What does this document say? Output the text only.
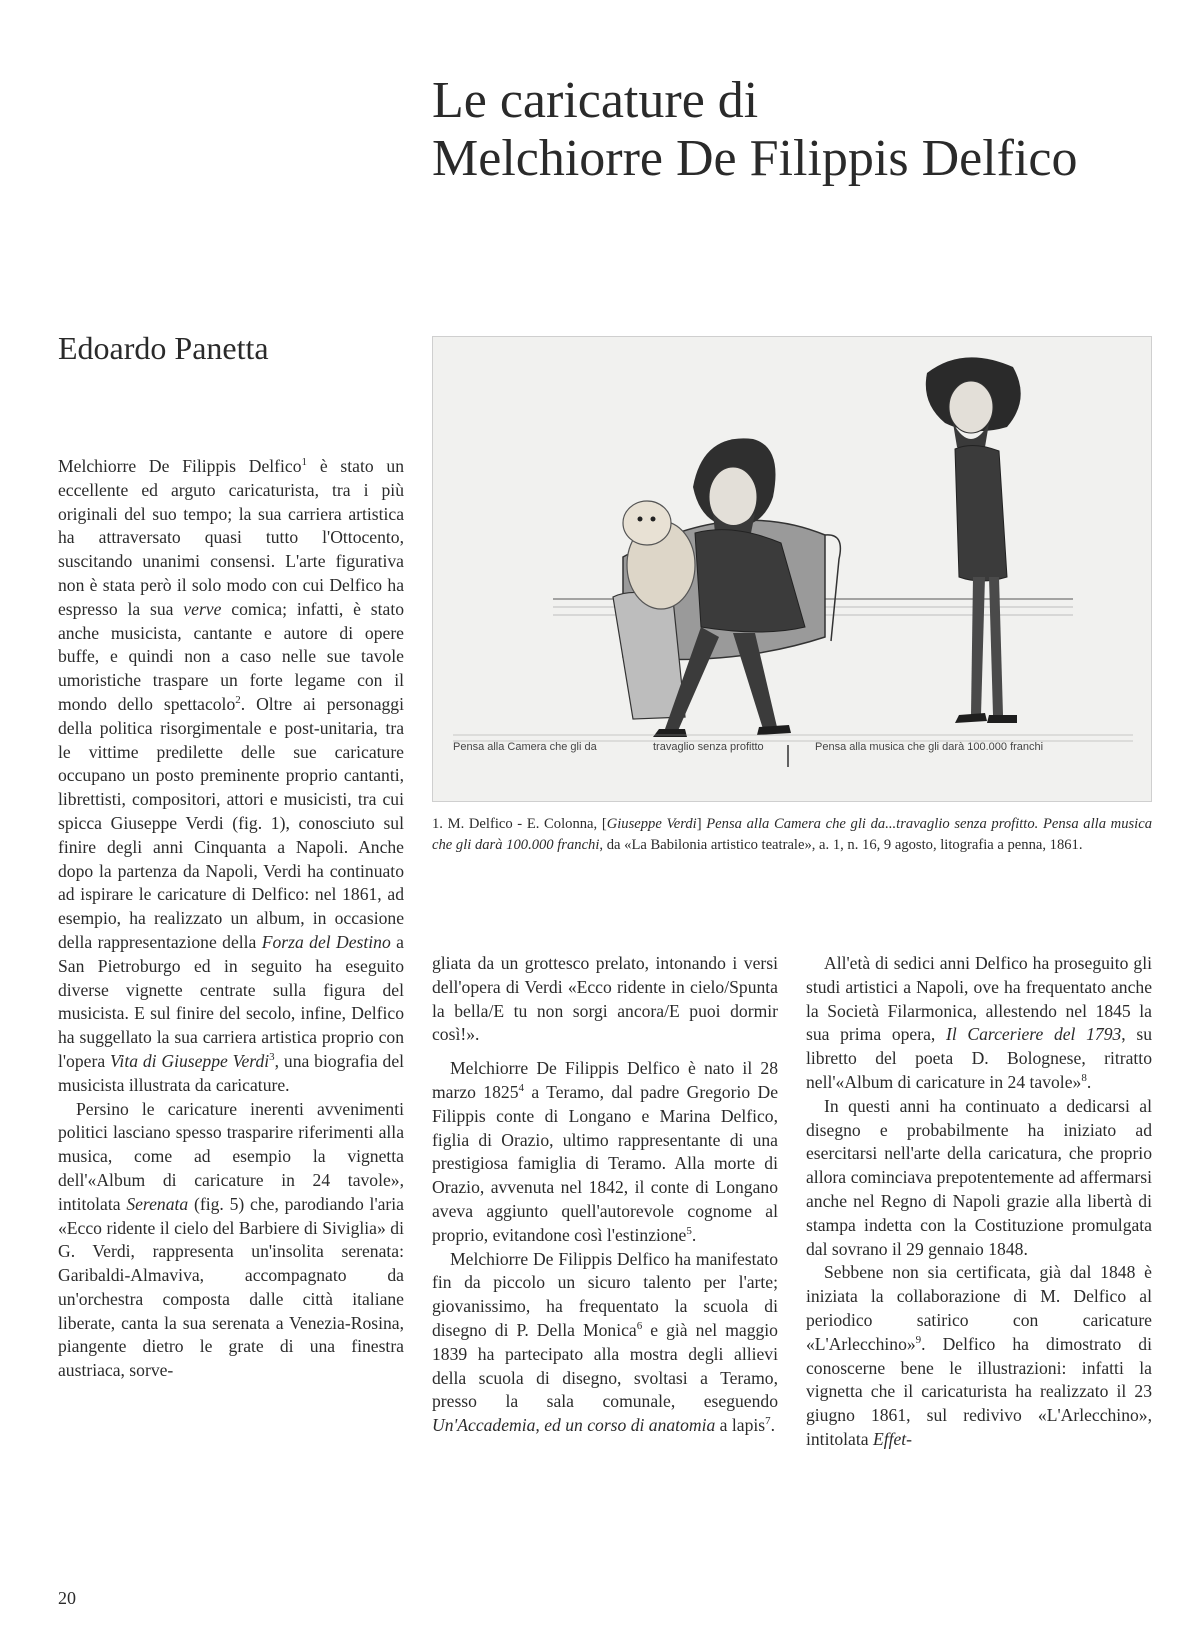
Le caricature di
Melchiorre De Filippis Delfico
Edoardo Panetta

Melchiorre De Filippis Delfico$^1$ è stato un eccellente ed arguto caricaturista, tra i più originali del suo tempo; la sua carriera artistica ha attraversato quasi tutto l'Ottocento, suscitando unanimi consensi. L'arte figurativa non è stata però il solo modo con cui Delfico ha espresso la sua verve comica; infatti, è stato anche musicista, cantante e autore di opere buffe, e quindi non a caso nelle sue tavole umoristiche traspare un forte legame con il mondo dello spettacolo$^2$. Oltre ai personaggi della politica risorgimentale e post-unitaria, tra le vittime predilette delle sue caricature occupano un posto preminente proprio cantanti, librettisti, compositori, attori e musicisti, tra cui spicca Giuseppe Verdi (fig. 1), conosciuto sul finire degli anni Cinquanta a Napoli. Anche dopo la partenza da Napoli, Verdi ha continuato ad ispirare le caricature di Delfico: nel 1861, ad esempio, ha realizzato un album, in occasione della rappresentazione della Forza del Destino a San Pietroburgo ed in seguito ha eseguito diverse vignette centrate sulla figura del musicista. E sul finire del secolo, infine, Delfico ha suggellato la sua carriera artistica proprio con l'opera Vita di Giuseppe Verdi$^3$, una biografia del musicista illustrata da caricature.

Persino le caricature inerenti avvenimenti politici lasciano spesso trasparire riferimenti alla musica, come ad esempio la vignetta dell'«Album di caricature in 24 tavole», intitolata Serenata (fig. 5) che, parodiando l'aria «Ecco ridente il cielo del Barbiere di Siviglia» di G. Verdi, rappresenta un'insolita serenata: Garibaldi-Almaviva, accompagnato da un'orchestra composta dalle città italiane liberate, canta la sua serenata a Venezia-Rosina, piangente dietro le grate di una finestra austriaca, sorve-

Pensa alla Camera che gli da	travaglio senza profitto	Pensa alla musica che gli darà 100.000 franchi
1. M. Delfico - E. Colonna, [Giuseppe Verdi] Pensa alla Camera che gli da...travaglio senza profitto. Pensa alla musica che gli darà 100.000 franchi, da «La Babilonia artistico teatrale», a. 1, n. 16, 9 agosto, litografia a penna, 1861.

gliata da un grottesco prelato, intonando i versi dell'opera di Verdi «Ecco ridente in cielo/Spunta la bella/E tu non sorgi ancora/E puoi dormir così!».

Melchiorre De Filippis Delfico è nato il 28 marzo 1825$^4$ a Teramo, dal padre Gregorio De Filippis conte di Longano e Marina Delfico, figlia di Orazio, ultimo rappresentante di una prestigiosa famiglia di Teramo. Alla morte di Orazio, avvenuta nel 1842, il conte di Longano aveva aggiunto quell'autorevole cognome al proprio, evitandone così l'estinzione$^5$.

Melchiorre De Filippis Delfico ha manifestato fin da piccolo un sicuro talento per l'arte; giovanissimo, ha frequentato la scuola di disegno di P. Della Monica$^6$ e già nel maggio 1839 ha partecipato alla mostra degli allievi della scuola di disegno, svoltasi a Teramo, presso la sala comunale, eseguendo Un'Accademia, ed un corso di anatomia a lapis$^7$.

All'età di sedici anni Delfico ha proseguito gli studi artistici a Napoli, ove ha frequentato anche la Società Filarmonica, allestendo nel 1845 la sua prima opera, Il Carceriere del 1793, su libretto del poeta D. Bolognese, ritratto nell'«Album di caricature in 24 tavole»$^8$.

In questi anni ha continuato a dedicarsi al disegno e probabilmente ha iniziato ad esercitarsi nell'arte della caricatura, che proprio allora cominciava prepotentemente ad affermarsi anche nel Regno di Napoli grazie alla libertà di stampa indetta con la Costituzione promulgata dal sovrano il 29 gennaio 1848.

Sebbene non sia certificata, già dal 1848 è iniziata la collaborazione di M. Delfico al periodico satirico con caricature «L'Arlecchino»$^9$. Delfico ha dimostrato di conoscerne bene le illustrazioni: infatti la vignetta che il caricaturista ha realizzato il 23 giugno 1861, sul redivivo «L'Arlecchino», intitolata Effet-

20
